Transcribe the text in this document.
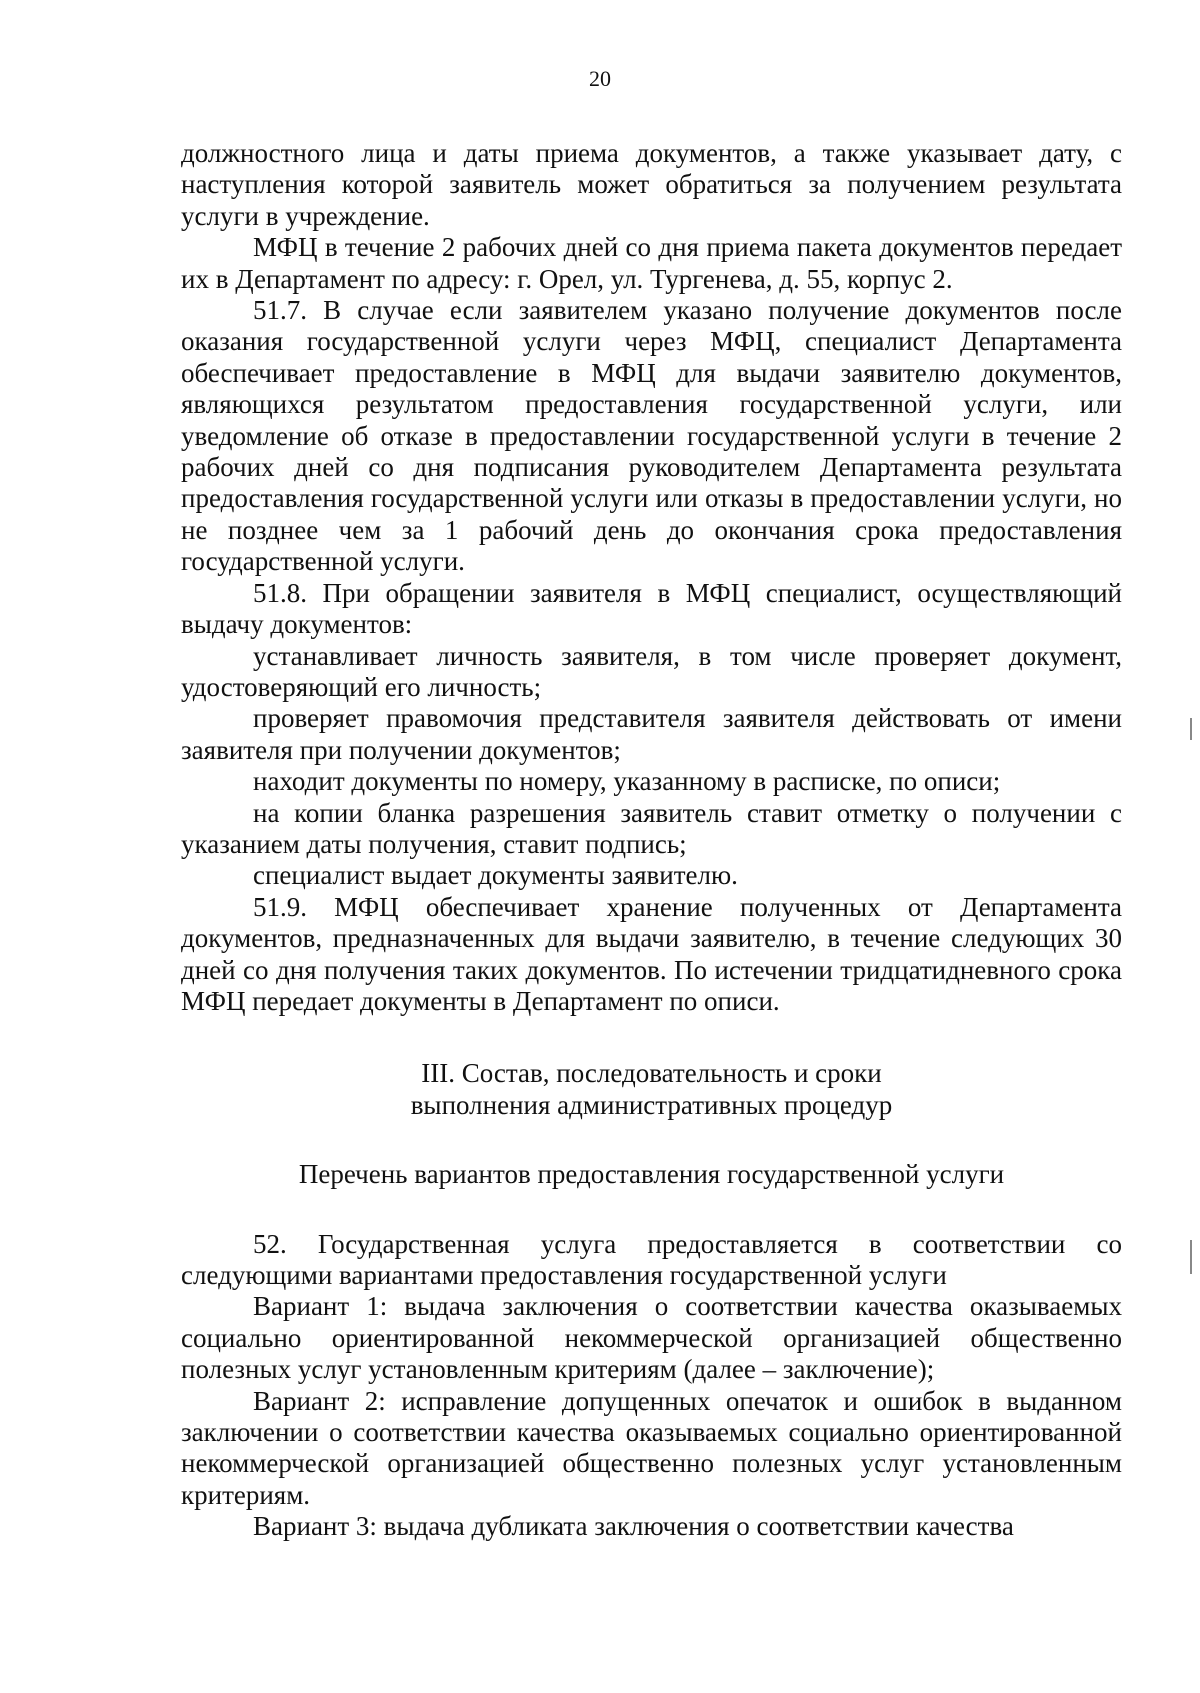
20

должностного лица и даты приема документов, а также указывает дату, с наступления которой заявитель может обратиться за получением результата услуги в учреждение.

МФЦ в течение 2 рабочих дней со дня приема пакета документов передает их в Департамент по адресу: г. Орел, ул. Тургенева, д. 55, корпус 2.

51.7. В случае если заявителем указано получение документов после оказания государственной услуги через МФЦ, специалист Департамента обеспечивает предоставление в МФЦ для выдачи заявителю документов, являющихся результатом предоставления государственной услуги, или уведомление об отказе в предоставлении государственной услуги в течение 2 рабочих дней со дня подписания руководителем Департамента результата предоставления государственной услуги или отказы в предоставлении услуги, но не позднее чем за 1 рабочий день до окончания срока предоставления государственной услуги.

51.8. При обращении заявителя в МФЦ специалист, осуществляющий выдачу документов:

устанавливает личность заявителя, в том числе проверяет документ, удостоверяющий его личность;

проверяет правомочия представителя заявителя действовать от имени заявителя при получении документов;

находит документы по номеру, указанному в расписке, по описи;

на копии бланка разрешения заявитель ставит отметку о получении с указанием даты получения, ставит подпись;

специалист выдает документы заявителю.

51.9. МФЦ обеспечивает хранение полученных от Департамента документов, предназначенных для выдачи заявителю, в течение следующих 30 дней со дня получения таких документов. По истечении тридцатидневного срока МФЦ передает документы в Департамент по описи.

III. Состав, последовательность и сроки
выполнения административных процедур
Перечень вариантов предоставления государственной услуги

52. Государственная услуга предоставляется в соответствии со следующими вариантами предоставления государственной услуги

Вариант 1: выдача заключения о соответствии качества оказываемых социально ориентированной некоммерческой организацией общественно полезных услуг установленным критериям (далее – заключение);

Вариант 2: исправление допущенных опечаток и ошибок в выданном заключении о соответствии качества оказываемых социально ориентированной некоммерческой организацией общественно полезных услуг установленным критериям.

Вариант 3: выдача дубликата заключения о соответствии качества
